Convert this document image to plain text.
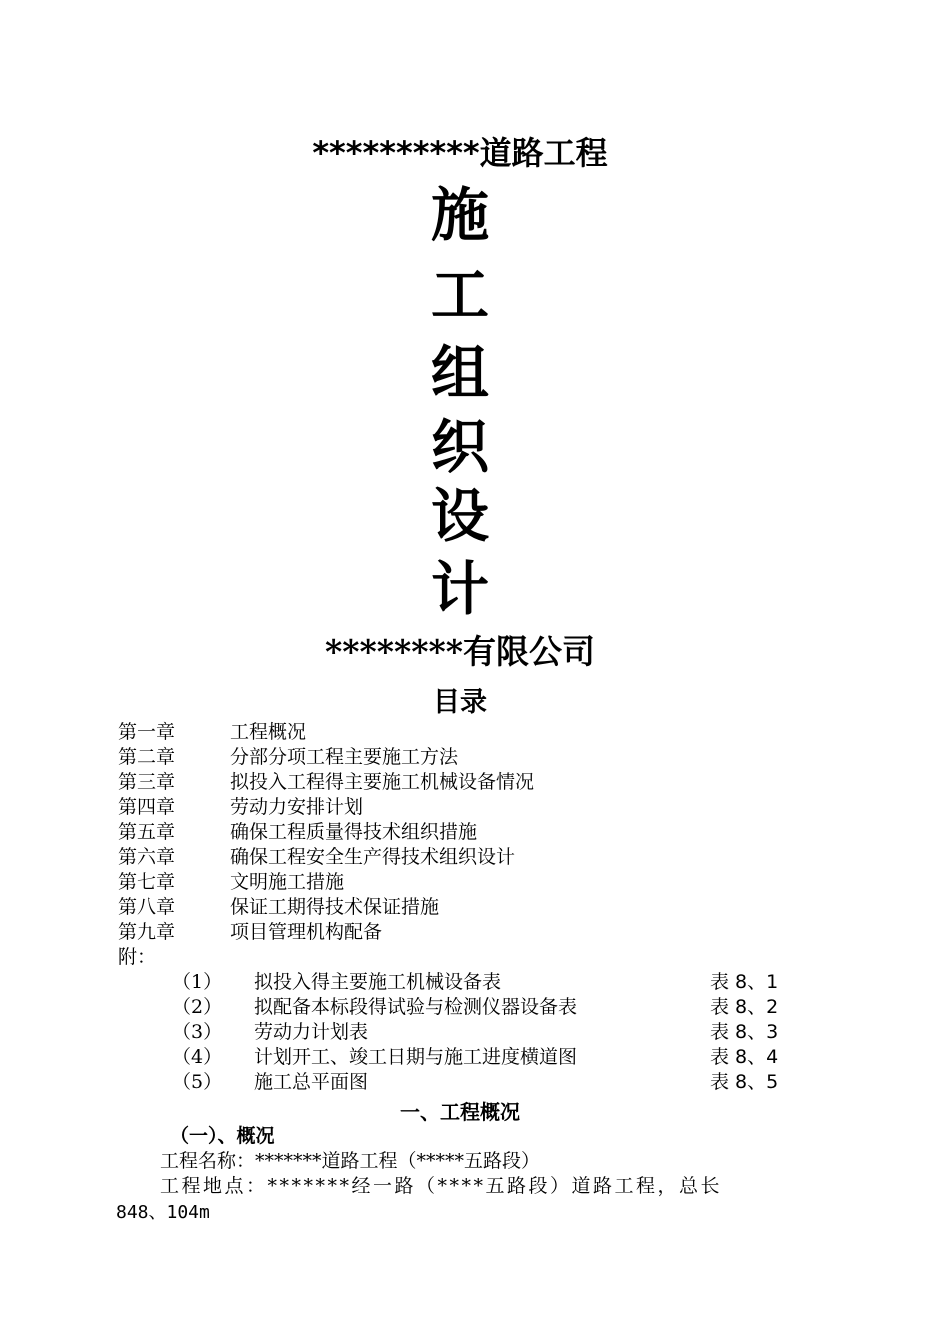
**********道路工程
施
工
组
织
设
计
********有限公司
目录
第一章	工程概况
第二章	分部分项工程主要施工方法
第三章	拟投入工程得主要施工机械设备情况
第四章	劳动力安排计划
第五章	确保工程质量得技术组织措施
第六章	确保工程安全生产得技术组织设计
第七章	文明施工措施
第八章	保证工期得技术保证措施
第九章	项目管理机构配备
附：
（1） 拟投入得主要施工机械设备表	表 8、1
（2） 拟配备本标段得试验与检测仪器设备表	表 8、2
（3） 劳动力计划表	表 8、3
（4） 计划开工、竣工日期与施工进度横道图	表 8、4
（5） 施工总平面图	表 8、5
一、工程概况
（一）、概况
工程名称：*******道路工程（*****五路段）
工程地点：*******经一路（****五路段）道路工程，总长
848、104m
